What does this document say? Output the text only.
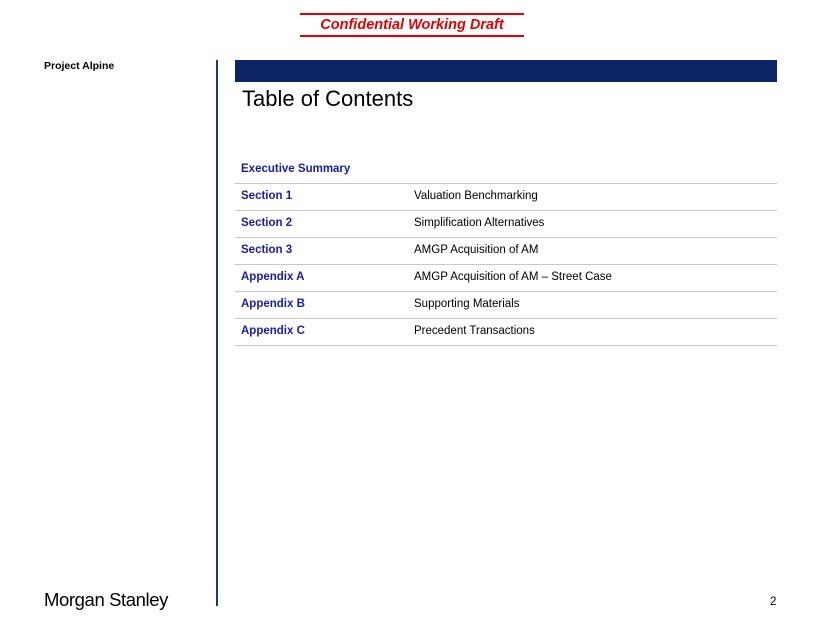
Confidential Working Draft
Project Alpine
Table of Contents
Executive Summary
Section 1	Valuation Benchmarking
Section 2	Simplification Alternatives
Section 3	AMGP Acquisition of AM
Appendix A	AMGP Acquisition of AM – Street Case
Appendix B	Supporting Materials
Appendix C	Precedent Transactions
Morgan Stanley	2
